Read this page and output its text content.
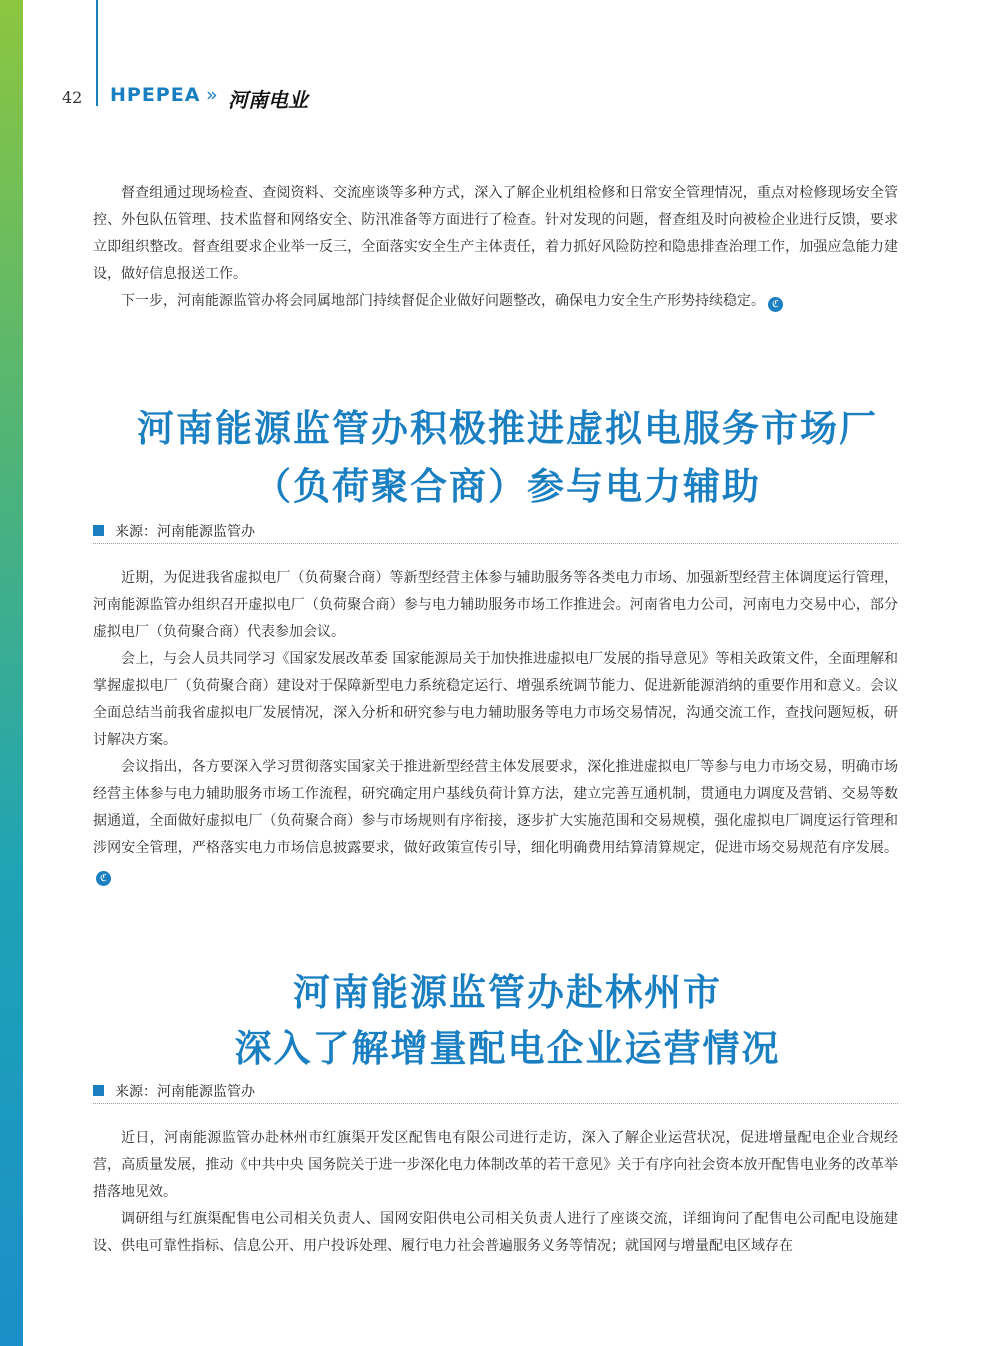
42 HPEPEA » 河南电业

督查组通过现场检查、查阅资料、交流座谈等多种方式，深入了解企业机组检修和日常安全管理情况，重点对检修现场安全管控、外包队伍管理、技术监督和网络安全、防汛准备等方面进行了检查。针对发现的问题，督查组及时向被检企业进行反馈，要求立即组织整改。督查组要求企业举一反三，全面落实安全生产主体责任，着力抓好风险防控和隐患排查治理工作，加强应急能力建设，做好信息报送工作。

下一步，河南能源监管办将会同属地部门持续督促企业做好问题整改，确保电力安全生产形势持续稳定。 ℭ

河南能源监管办积极推进虚拟电服务市场厂
（负荷聚合商）参与电力辅助
来源：河南能源监管办

近期，为促进我省虚拟电厂（负荷聚合商）等新型经营主体参与辅助服务等各类电力市场、加强新型经营主体调度运行管理，河南能源监管办组织召开虚拟电厂（负荷聚合商）参与电力辅助服务市场工作推进会。河南省电力公司，河南电力交易中心，部分虚拟电厂（负荷聚合商）代表参加会议。

会上，与会人员共同学习《国家发展改革委 国家能源局关于加快推进虚拟电厂发展的指导意见》等相关政策文件，全面理解和掌握虚拟电厂（负荷聚合商）建设对于保障新型电力系统稳定运行、增强系统调节能力、促进新能源消纳的重要作用和意义。会议全面总结当前我省虚拟电厂发展情况，深入分析和研究参与电力辅助服务等电力市场交易情况，沟通交流工作，查找问题短板，研讨解决方案。

会议指出，各方要深入学习贯彻落实国家关于推进新型经营主体发展要求，深化推进虚拟电厂等参与电力市场交易，明确市场经营主体参与电力辅助服务市场工作流程，研究确定用户基线负荷计算方法，建立完善互通机制，贯通电力调度及营销、交易等数据通道，全面做好虚拟电厂（负荷聚合商）参与市场规则有序衔接，逐步扩大实施范围和交易规模，强化虚拟电厂调度运行管理和涉网安全管理，严格落实电力市场信息披露要求，做好政策宣传引导，细化明确费用结算清算规定，促进市场交易规范有序发展。ℭ

河南能源监管办赴林州市
深入了解增量配电企业运营情况
来源：河南能源监管办

近日，河南能源监管办赴林州市红旗渠开发区配售电有限公司进行走访，深入了解企业运营状况，促进增量配电企业合规经营，高质量发展，推动《中共中央 国务院关于进一步深化电力体制改革的若干意见》关于有序向社会资本放开配售电业务的改革举措落地见效。

调研组与红旗渠配售电公司相关负责人、国网安阳供电公司相关负责人进行了座谈交流，详细询问了配售电公司配电设施建设、供电可靠性指标、信息公开、用户投诉处理、履行电力社会普遍服务义务等情况；就国网与增量配电区域存在
